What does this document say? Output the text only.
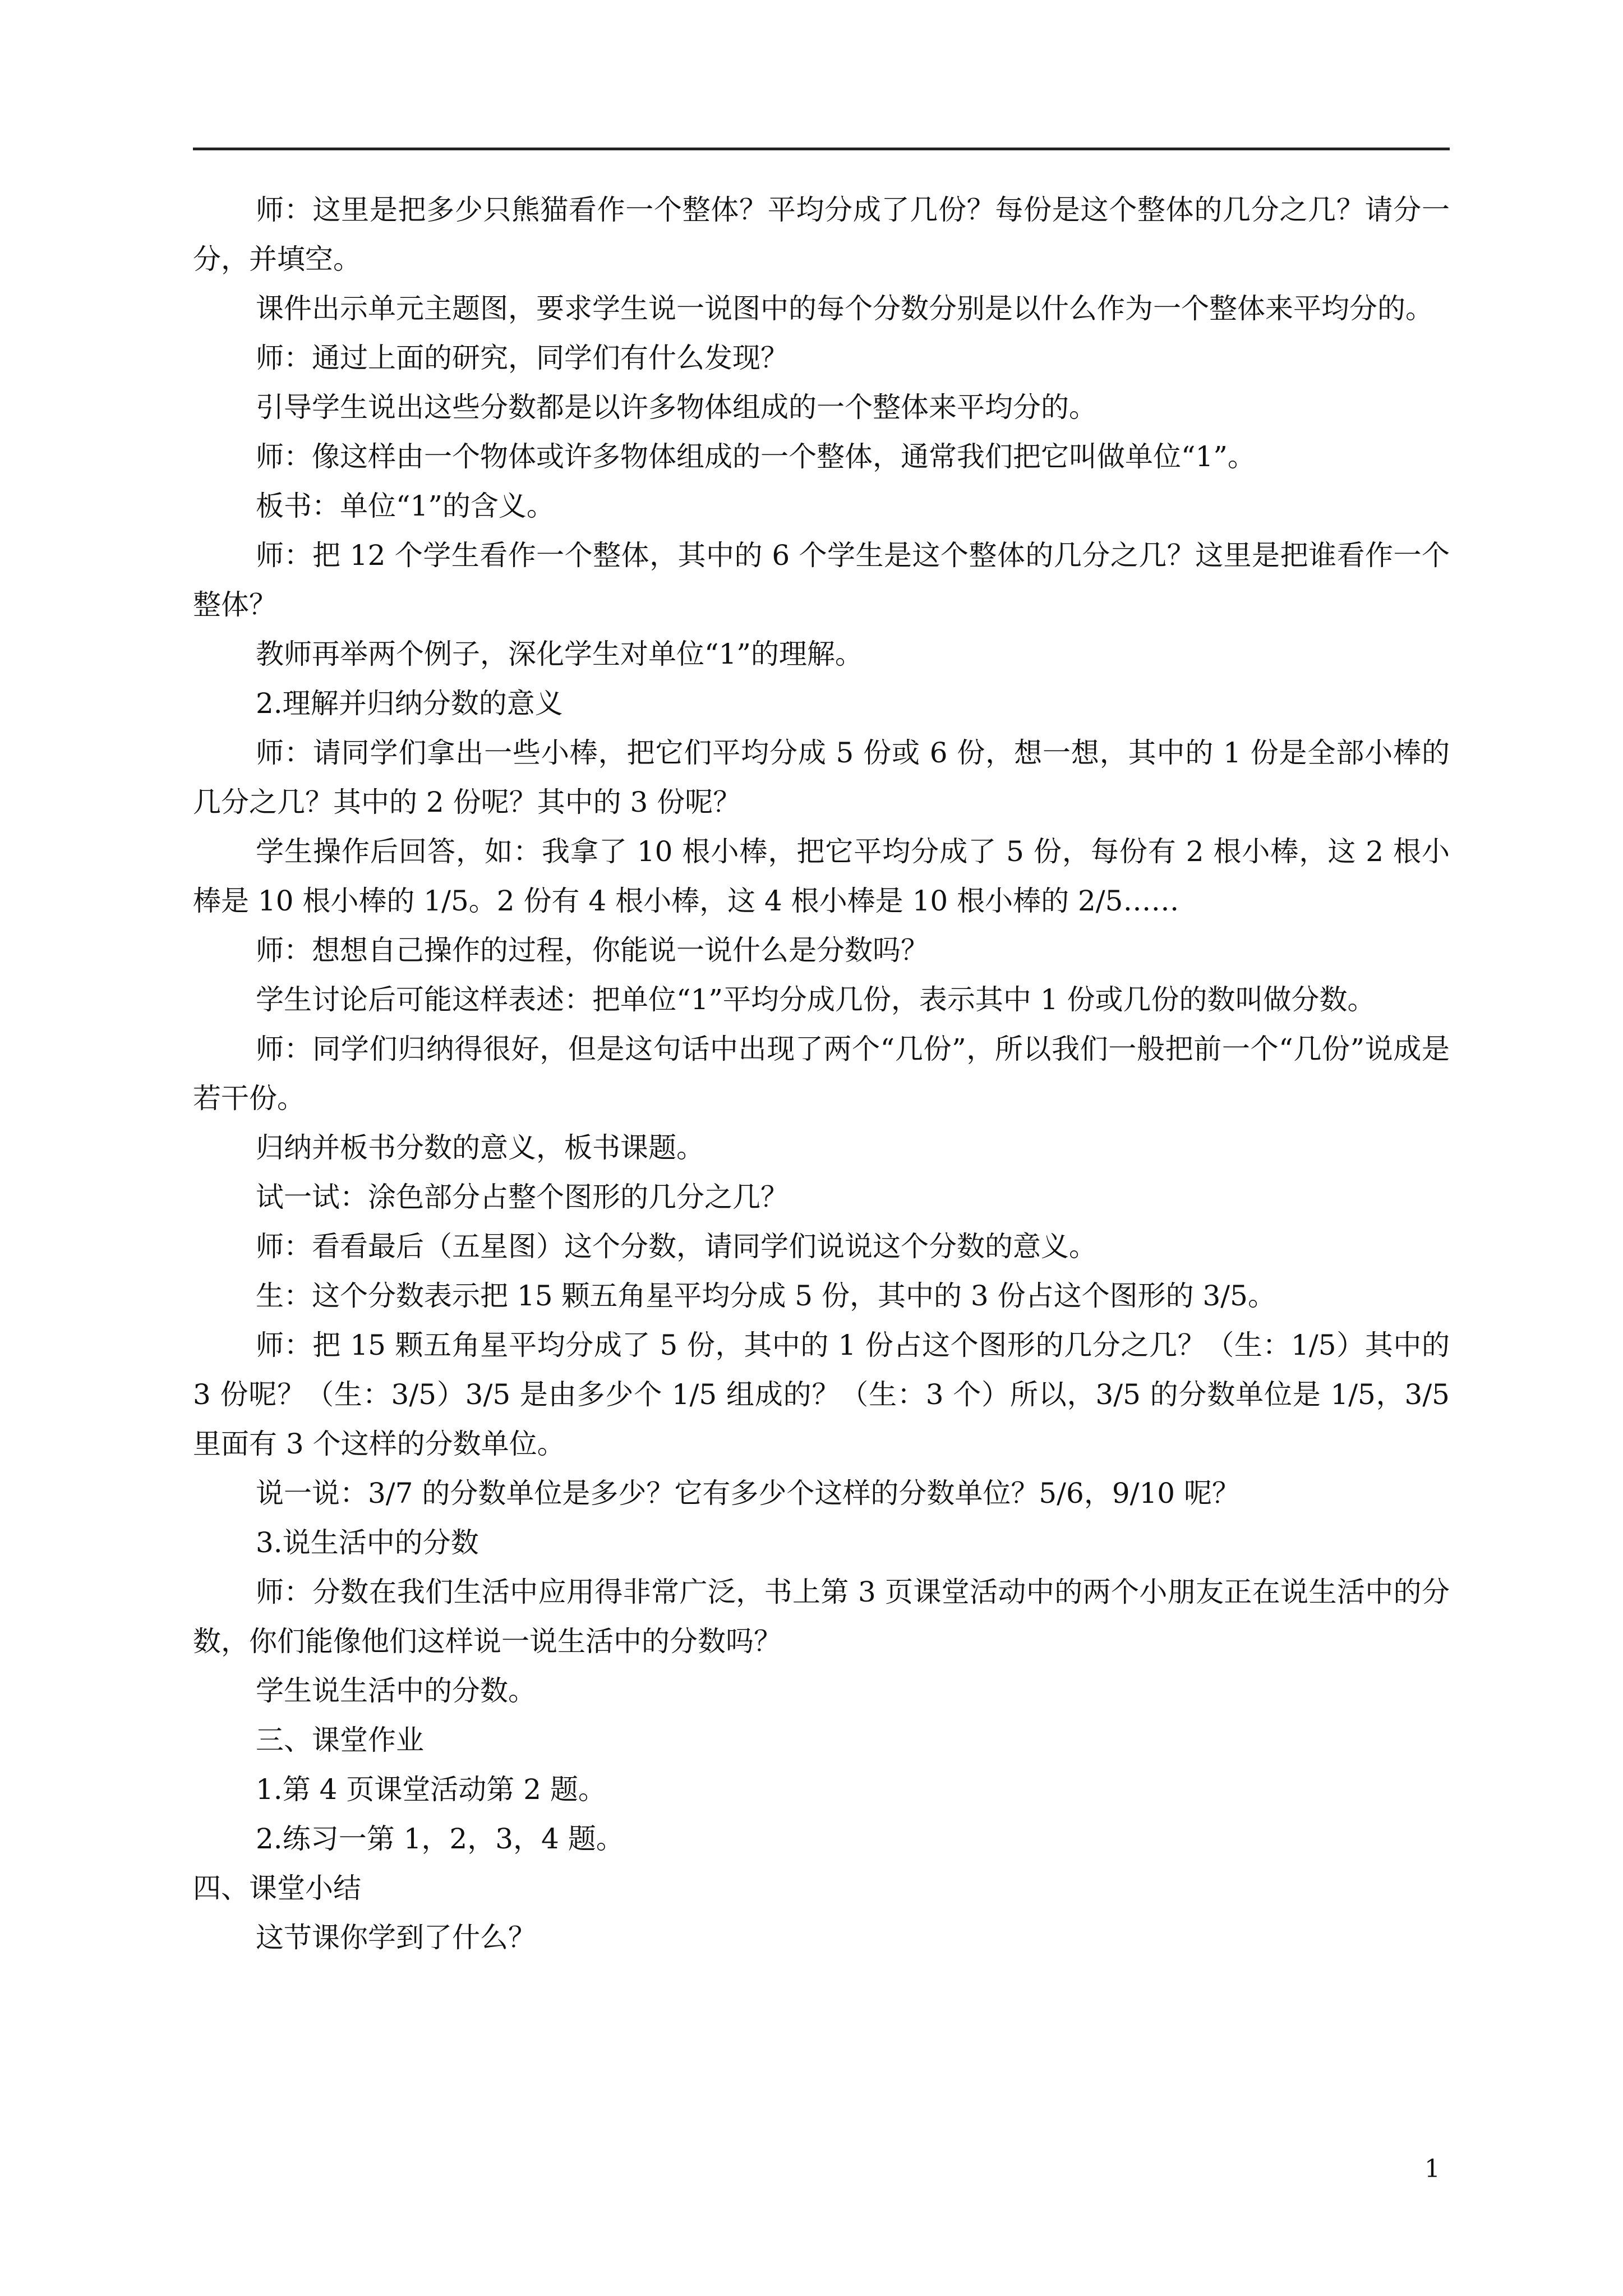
师：这里是把多少只熊猫看作一个整体？平均分成了几份？每份是这个整体的几分之几？请分一分，并填空。

课件出示单元主题图，要求学生说一说图中的每个分数分别是以什么作为一个整体来平均分的。

师：通过上面的研究，同学们有什么发现？

引导学生说出这些分数都是以许多物体组成的一个整体来平均分的。

师：像这样由一个物体或许多物体组成的一个整体，通常我们把它叫做单位“1”。

板书：单位“1”的含义。

师：把 12 个学生看作一个整体，其中的 6 个学生是这个整体的几分之几？这里是把谁看作一个整体？

教师再举两个例子，深化学生对单位“1”的理解。

2.理解并归纳分数的意义

师：请同学们拿出一些小棒，把它们平均分成 5 份或 6 份，想一想，其中的 1 份是全部小棒的几分之几？其中的 2 份呢？其中的 3 份呢？

学生操作后回答，如：我拿了 10 根小棒，把它平均分成了 5 份，每份有 2 根小棒，这 2 根小棒是 10 根小棒的 1/5。2 份有 4 根小棒，这 4 根小棒是 10 根小棒的 2/5……

师：想想自己操作的过程，你能说一说什么是分数吗？

学生讨论后可能这样表述：把单位“1”平均分成几份，表示其中 1 份或几份的数叫做分数。

师：同学们归纳得很好，但是这句话中出现了两个“几份”，所以我们一般把前一个“几份”说成是若干份。

归纳并板书分数的意义，板书课题。

试一试：涂色部分占整个图形的几分之几？

师：看看最后（五星图）这个分数，请同学们说说这个分数的意义。

生：这个分数表示把 15 颗五角星平均分成 5 份，其中的 3 份占这个图形的 3/5。

师：把 15 颗五角星平均分成了 5 份，其中的 1 份占这个图形的几分之几？（生：1/5）其中的 3 份呢？（生：3/5）3/5 是由多少个 1/5 组成的？（生：3 个）所以，3/5 的分数单位是 1/5，3/5 里面有 3 个这样的分数单位。

说一说：3/7 的分数单位是多少？它有多少个这样的分数单位？5/6，9/10 呢？

3.说生活中的分数

师：分数在我们生活中应用得非常广泛，书上第 3 页课堂活动中的两个小朋友正在说生活中的分数，你们能像他们这样说一说生活中的分数吗？

学生说生活中的分数。

三、课堂作业

1.第 4 页课堂活动第 2 题。

2.练习一第 1，2，3，4 题。

四、课堂小结

这节课你学到了什么？

1
